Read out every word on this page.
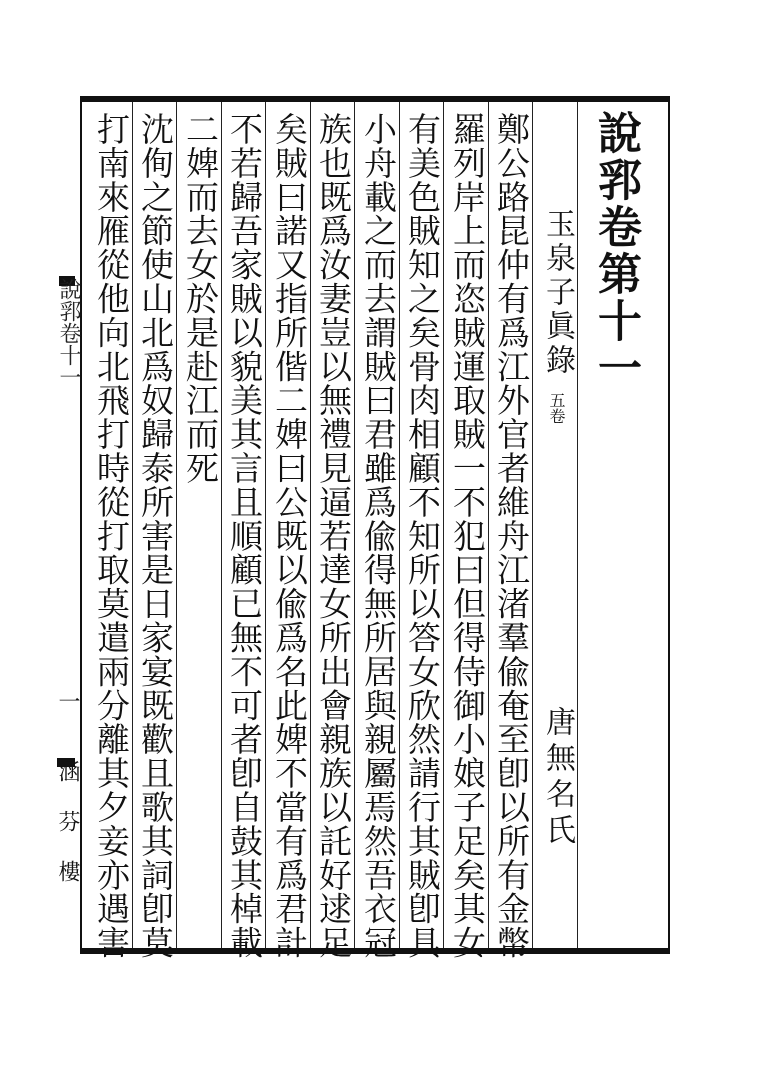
說郛卷第十一
玉泉子眞錄
五卷
唐無名氏
鄭公路昆仲有爲江外官者維舟江渚羣偸奄至卽以所有金幣
羅列岸上而恣賊運取賊一不犯曰但得侍御小娘子足矣其女
有美色賊知之矣骨肉相顧不知所以答女欣然請行其賊卽具
小舟載之而去謂賊曰君雖爲偸得無所居與親屬焉然吾衣冠
族也既爲汝妻豈以無禮見逼若達女所出會親族以託好逑足
矣賊曰諾又指所偕二婢曰公既以偸爲名此婢不當有爲君計
不若歸吾家賊以貌美其言且順顧已無不可者卽自鼓其棹載
二婢而去女於是赴江而死
沈侚之節使山北爲奴歸泰所害是日家宴既歡且歌其詞卽莫
打南來雁從他向北飛打時從打取莫遣兩分離其夕妾亦遇害
說郛卷十一
一
涵芬樓
